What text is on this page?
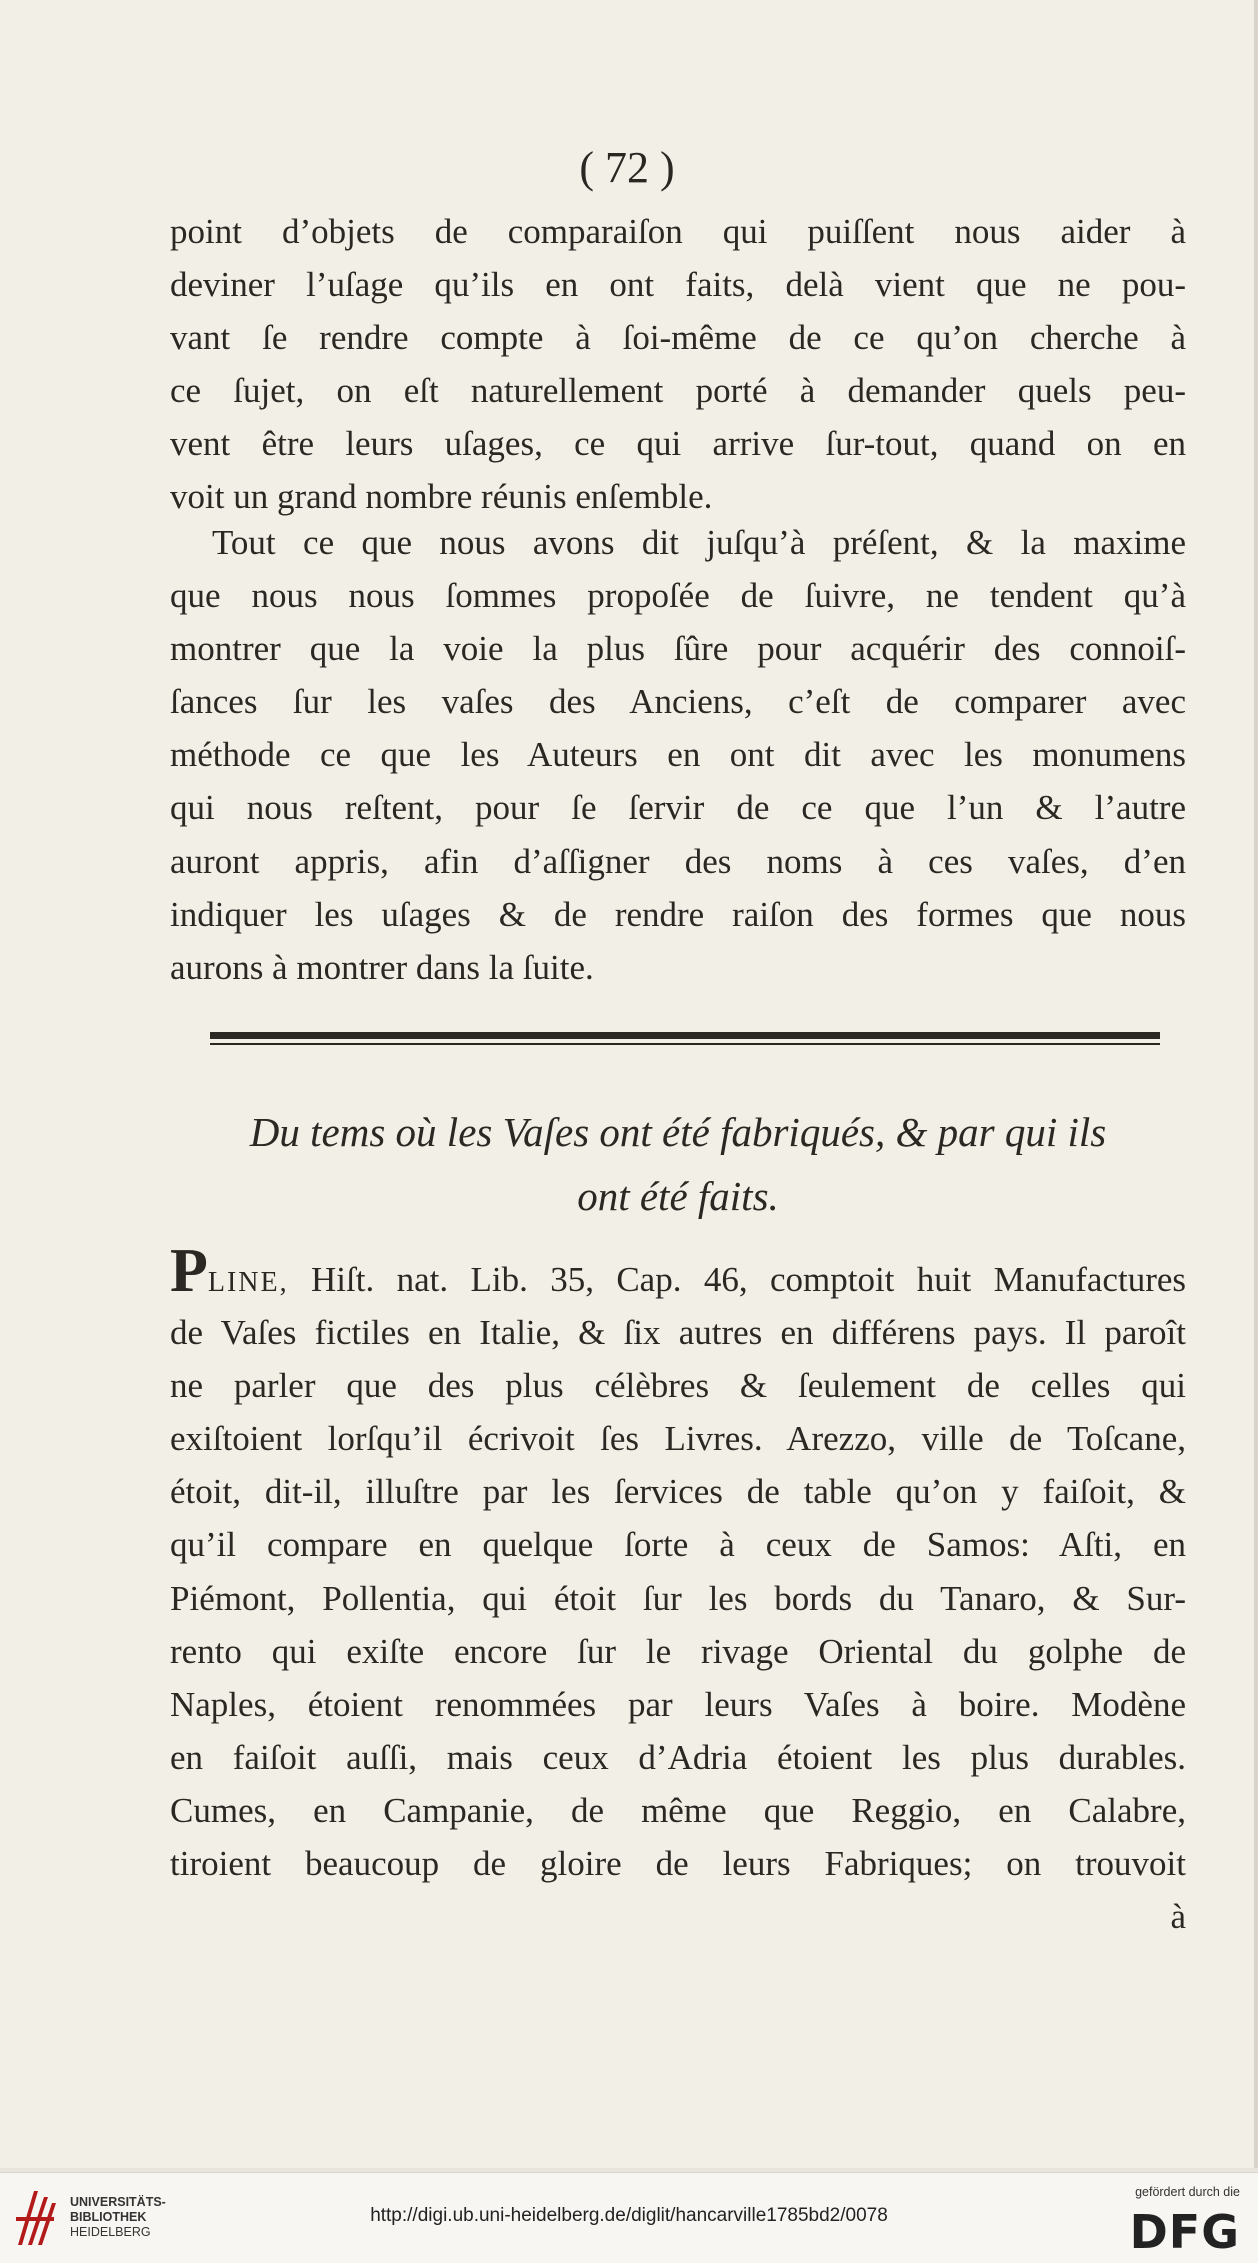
( 72 )
point d’objets de comparaiſon qui puiſſent nous aider à
deviner l’uſage qu’ils en ont faits, delà vient que ne pou-
vant ſe rendre compte à ſoi-même de ce qu’on cherche à
ce ſujet, on eſt naturellement porté à demander quels peu-
vent être leurs uſages, ce qui arrive ſur-tout, quand on en
voit un grand nombre réunis enſemble.
Tout ce que nous avons dit juſqu’à préſent, & la maxime
que nous nous ſommes propoſée de ſuivre, ne tendent qu’à
montrer que la voie la plus ſûre pour acquérir des connoiſ-
ſances ſur les vaſes des Anciens, c’eſt de comparer avec
méthode ce que les Auteurs en ont dit avec les monumens
qui nous reſtent, pour ſe ſervir de ce que l’un & l’autre
auront appris, afin d’aſſigner des noms à ces vaſes, d’en
indiquer les uſages & de rendre raiſon des formes que nous
aurons à montrer dans la ſuite.
Du tems où les Vaſes ont été fabriqués, & par qui ils
ont été faits.
PLINE, Hiſt. nat. Lib. 35, Cap. 46, comptoit huit Manufactures
de Vaſes fictiles en Italie, & ſix autres en différens pays. Il paroît
ne parler que des plus célèbres & ſeulement de celles qui
exiſtoient lorſqu’il écrivoit ſes Livres. Arezzo, ville de Toſcane,
étoit, dit-il, illuſtre par les ſervices de table qu’on y faiſoit, &
qu’il compare en quelque ſorte à ceux de Samos: Aſti, en
Piémont, Pollentia, qui étoit ſur les bords du Tanaro, & Sur-
rento qui exiſte encore ſur le rivage Oriental du golphe de
Naples, étoient renommées par leurs Vaſes à boire. Modène
en faiſoit auſſi, mais ceux d’Adria étoient les plus durables.
Cumes, en Campanie, de même que Reggio, en Calabre,
tiroient beaucoup de gloire de leurs Fabriques; on trouvoit
à
UNIVERSITÄTS-
BIBLIOTHEK
HEIDELBERG
http://digi.ub.uni-heidelberg.de/diglit/hancarville1785bd2/0078
gefördert durch die
DFG
